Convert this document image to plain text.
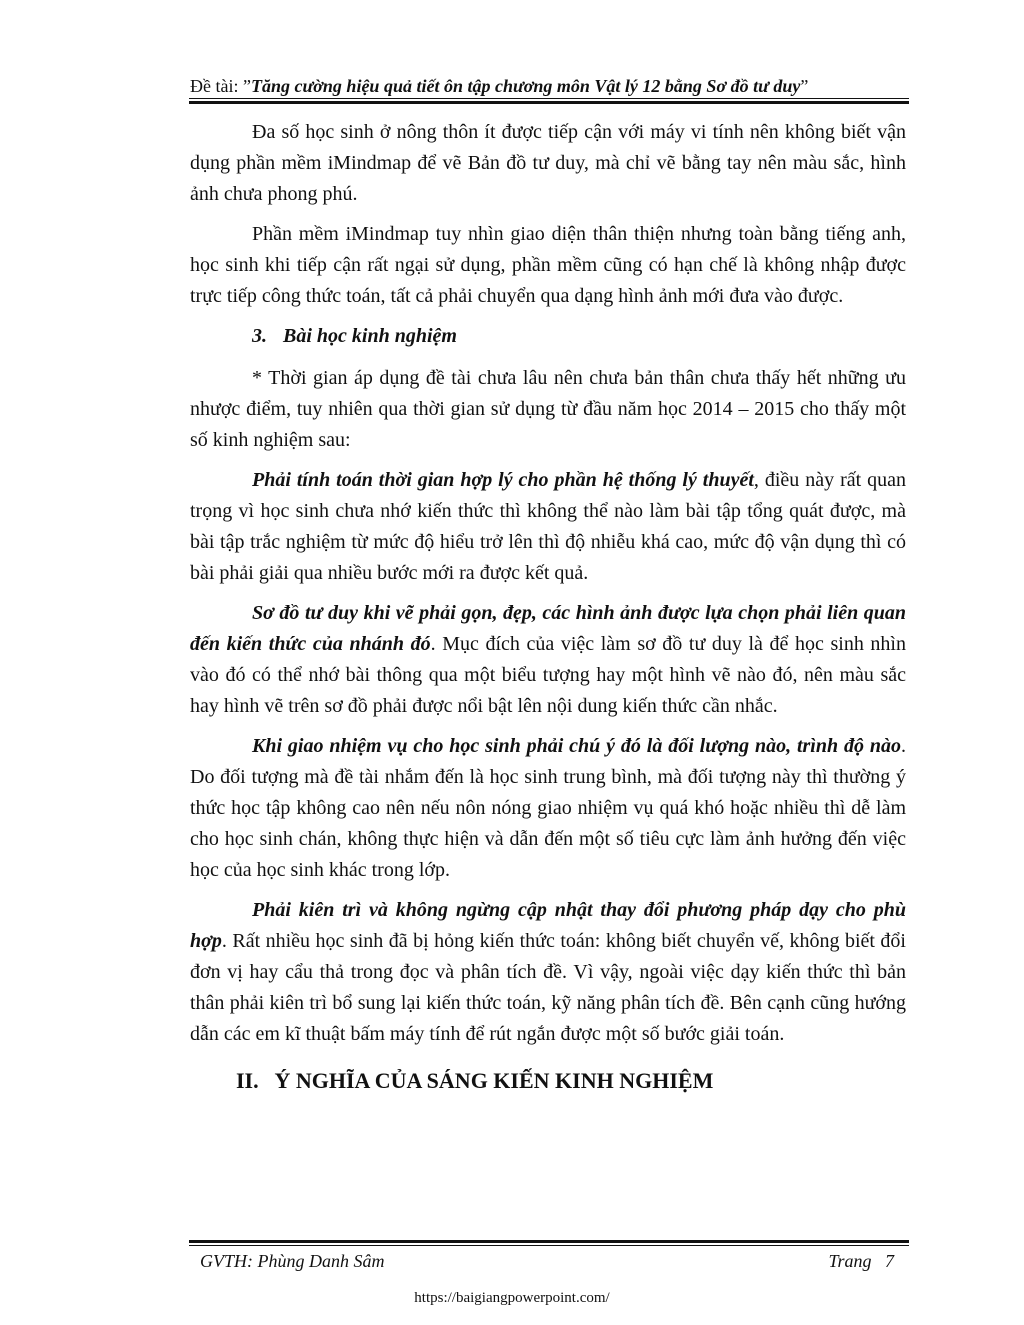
Đề tài: ”Tăng cường hiệu quả tiết ôn tập chương môn Vật lý 12 bằng Sơ đồ tư duy”

Đa số học sinh ở nông thôn ít được tiếp cận với máy vi tính nên không biết vận dụng phần mềm iMindmap để vẽ Bản đồ tư duy, mà chỉ vẽ bằng tay nên màu sắc, hình ảnh chưa phong phú.

Phần mềm iMindmap tuy nhìn giao diện thân thiện nhưng toàn bằng tiếng anh, học sinh khi tiếp cận rất ngại sử dụng, phần mềm cũng có hạn chế là không nhập được trực tiếp công thức toán, tất cả phải chuyển qua dạng hình ảnh mới đưa vào được.

3. Bài học kinh nghiệm

* Thời gian áp dụng đề tài chưa lâu nên chưa bản thân chưa thấy hết những ưu nhược điểm, tuy nhiên qua thời gian sử dụng từ đầu năm học 2014 – 2015 cho thấy một số kinh nghiệm sau:

Phải tính toán thời gian hợp lý cho phần hệ thống lý thuyết, điều này rất quan trọng vì học sinh chưa nhớ kiến thức thì không thể nào làm bài tập tổng quát được, mà bài tập trắc nghiệm từ mức độ hiểu trở lên thì độ nhiễu khá cao, mức độ vận dụng thì có bài phải giải qua nhiều bước mới ra được kết quả.

Sơ đồ tư duy khi vẽ phải gọn, đẹp, các hình ảnh được lựa chọn phải liên quan đến kiến thức của nhánh đó. Mục đích của việc làm sơ đồ tư duy là để học sinh nhìn vào đó có thể nhớ bài thông qua một biểu tượng hay một hình vẽ nào đó, nên màu sắc hay hình vẽ trên sơ đồ phải được nổi bật lên nội dung kiến thức cần nhắc.

Khi giao nhiệm vụ cho học sinh phải chú ý đó là đối lượng nào, trình độ nào. Do đối tượng mà đề tài nhắm đến là học sinh trung bình, mà đối tượng này thì thường ý thức học tập không cao nên nếu nôn nóng giao nhiệm vụ quá khó hoặc nhiều thì dễ làm cho học sinh chán, không thực hiện và dẫn đến một số tiêu cực làm ảnh hưởng đến việc học của học sinh khác trong lớp.

Phải kiên trì và không ngừng cập nhật thay đổi phương pháp dạy cho phù hợp. Rất nhiều học sinh đã bị hỏng kiến thức toán: không biết chuyển vế, không biết đổi đơn vị hay cẩu thả trong đọc và phân tích đề. Vì vậy, ngoài việc dạy kiến thức thì bản thân phải kiên trì bổ sung lại kiến thức toán, kỹ năng phân tích đề. Bên cạnh cũng hướng dẫn các em kĩ thuật bấm máy tính để rút ngắn được một số bước giải toán.

II. Ý NGHĨA CỦA SÁNG KIẾN KINH NGHIỆM

GVTH: Phùng Danh Sâm	Trang 7
https://baigiangpowerpoint.com/
